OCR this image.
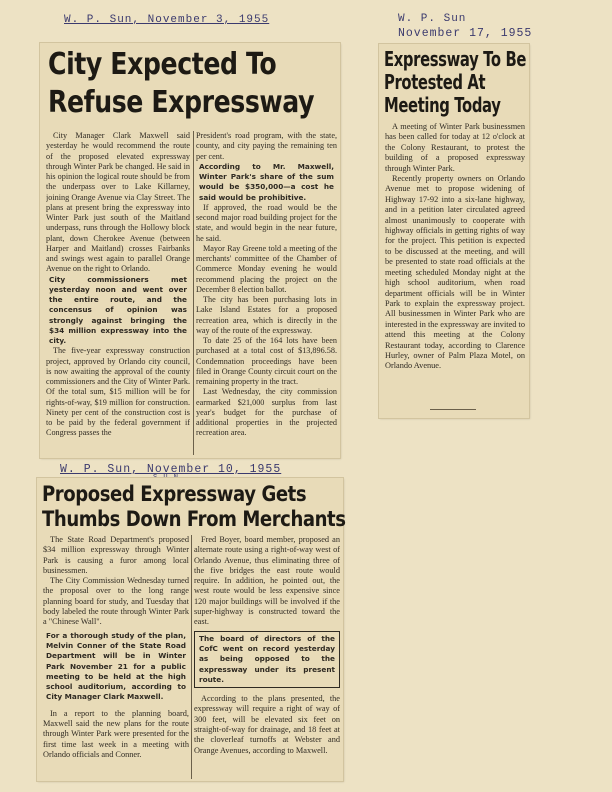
W. P. Sun, November 3, 1955	W. P. Sun
November 17, 1955
W. P. Sun, November 10, 1955
City Expected To
Refuse Expressway

City Manager Clark Maxwell said yesterday he would recommend the route of the proposed elevated expressway through Winter Park be changed. He said in his opinion the logical route should be from the underpass over to Lake Killarney, joining Orange Avenue via Clay Street. The plans at present bring the expressway into Winter Park just south of the Maitland underpass, runs through the Hollowy block plant, down Cherokee Avenue (between Harper and Maitland) crosses Fairbanks and swings west again to parallel Orange Avenue on the right to Orlando.

City commissioners met yesterday noon and went over the entire route, and the concensus of opinion was strongly against bringing the $34 million expressway into the city.

The five-year expressway construction project, approved by Orlando city council, is now awaiting the approval of the county commissioners and the City of Winter Park. Of the total sum, $15 million will be for rights-of-way, $19 million for construction. Ninety per cent of the construction cost is to be paid by the federal government if Congress passes the

President's road program, with the state, county, and city paying the remaining ten per cent.

According to Mr. Maxwell, Winter Park's share of the sum would be $350,000—a cost he said would be prohibitive.

If approved, the road would be the second major road building project for the state, and would begin in the near future, he said.

Mayor Ray Greene told a meeting of the merchants' committee of the Chamber of Commerce Monday evening he would recommend placing the project on the December 8 election ballot.

The city has been purchasing lots in Lake Island Estates for a proposed recreation area, which is directly in the way of the route of the expressway.

To date 25 of the 164 lots have been purchased at a total cost of $13,896.58. Condemnation proceedings have been filed in Orange County circuit court on the remaining property in the tract.

Last Wednesday, the city commission earmarked $21,000 surplus from last year's budget for the purchase of additional properties in the projected recreation area.

Expressway To Be
Protested At
Meeting Today

A meeting of Winter Park businessmen has been called for today at 12 o'clock at the Colony Restaurant, to protest the building of a proposed expressway through Winter Park.

Recently property owners on Orlando Avenue met to propose widening of Highway 17-92 into a six-lane highway, and in a petition later circulated agreed almost unanimously to cooperate with highway officials in getting rights of way for the project. This petition is expected to be discussed at the meeting, and will be presented to state road officials at the meeting scheduled Monday night at the high school auditorium, when road department officials will be in Winter Park to explain the expressway project. All businessmen in Winter Park who are interested in the expressway are invited to attend this meeting at the Colony Restaurant today, according to Clarence Hurley, owner of Palm Plaza Motel, on Orlando Avenue.

Proposed Expressway Gets
Thumbs Down From Merchants

The State Road Department's proposed $34 million expressway through Winter Park is causing a furor among local businessmen.

The City Commission Wednesday turned the proposal over to the long range planning board for study, and Tuesday that body labeled the route through Winter Park a "Chinese Wall".

For a thorough study of the plan, Melvin Conner of the State Road Department will be in Winter Park November 21 for a public meeting to be held at the high school auditorium, according to City Manager Clark Maxwell.

In a report to the planning board, Maxwell said the new plans for the route through Winter Park were presented for the first time last week in a meeting with Orlando officials and Conner.

Fred Boyer, board member, proposed an alternate route using a right-of-way west of Orlando Avenue, thus eliminating three of the five bridges the east route would require. In addition, he pointed out, the west route would be less expensive since 120 major buildings will be involved if the super-highway is constructed toward the east.

The board of directors of the CofC went on record yesterday as being opposed to the expressway under its present route.

According to the plans presented, the expressway will require a right of way of 300 feet, will be elevated six feet on straight-of-way for drainage, and 18 feet at the cloverleaf turnoffs at Webster and Orange Avenues, according to Maxwell.
